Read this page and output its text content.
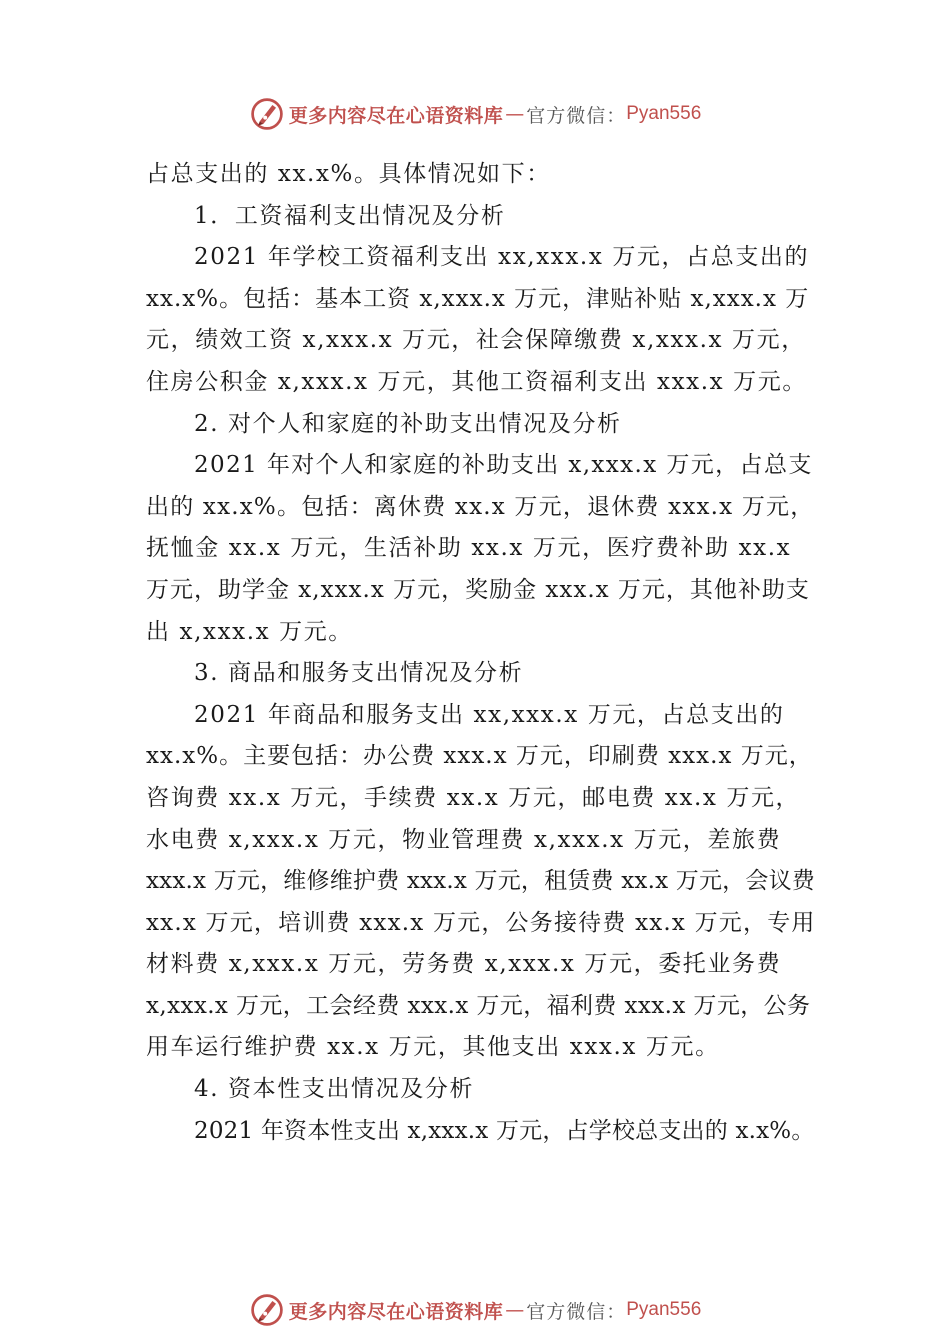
更多内容尽在心语资料库 — 官方微信： Pyan556
占总支出的 xx.x%。具体情况如下：
1．工资福利支出情况及分析
2021 年学校工资福利支出 xx,xxx.x 万元，占总支出的
xx.x%。包括：基本工资 x,xxx.x 万元，津贴补贴 x,xxx.x 万
元，绩效工资 x,xxx.x 万元，社会保障缴费 x,xxx.x 万元，
住房公积金 x,xxx.x 万元，其他工资福利支出 xxx.x 万元。
2. 对个人和家庭的补助支出情况及分析
2021 年对个人和家庭的补助支出 x,xxx.x 万元，占总支
出的 xx.x%。包括：离休费 xx.x 万元，退休费 xxx.x 万元，
抚恤金 xx.x 万元，生活补助 xx.x 万元，医疗费补助 xx.x
万元，助学金 x,xxx.x 万元，奖励金 xxx.x 万元，其他补助支
出 x,xxx.x 万元。
3. 商品和服务支出情况及分析
2021 年商品和服务支出 xx,xxx.x 万元，占总支出的
xx.x%。主要包括：办公费 xxx.x 万元，印刷费 xxx.x 万元，
咨询费 xx.x 万元，手续费 xx.x 万元，邮电费 xx.x 万元，
水电费 x,xxx.x 万元，物业管理费 x,xxx.x 万元，差旅费
xxx.x 万元，维修维护费 xxx.x 万元，租赁费 xx.x 万元，会议费
xx.x 万元，培训费 xxx.x 万元，公务接待费 xx.x 万元，专用
材料费 x,xxx.x 万元，劳务费 x,xxx.x 万元，委托业务费
x,xxx.x 万元，工会经费 xxx.x 万元，福利费 xxx.x 万元，公务
用车运行维护费 xx.x 万元，其他支出 xxx.x 万元。
4. 资本性支出情况及分析
2021 年资本性支出 x,xxx.x 万元，占学校总支出的 x.x%。
更多内容尽在心语资料库 — 官方微信： Pyan556
